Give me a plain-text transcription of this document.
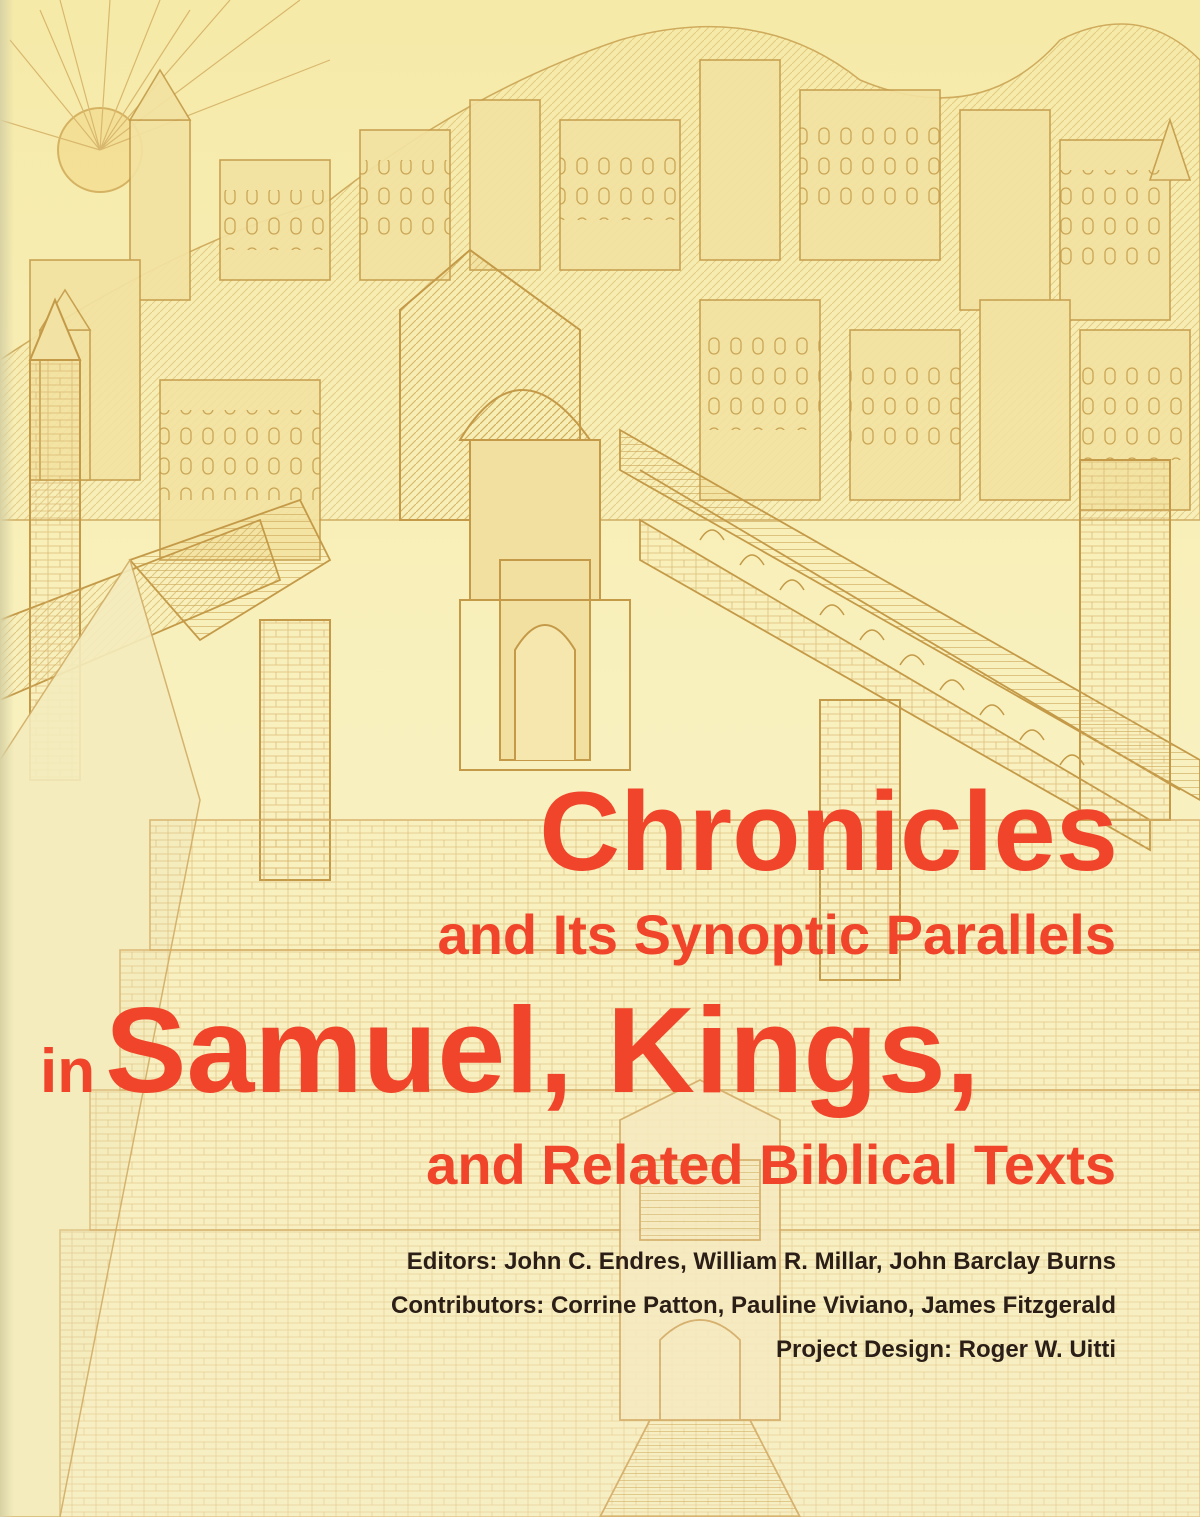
Chronicles
and Its Synoptic Parallels
inSamuel, Kings,
and Related Biblical Texts

Editors: John C. Endres, William R. Millar, John Barclay Burns

Contributors: Corrine Patton, Pauline Viviano, James Fitzgerald

Project Design: Roger W. Uitti
